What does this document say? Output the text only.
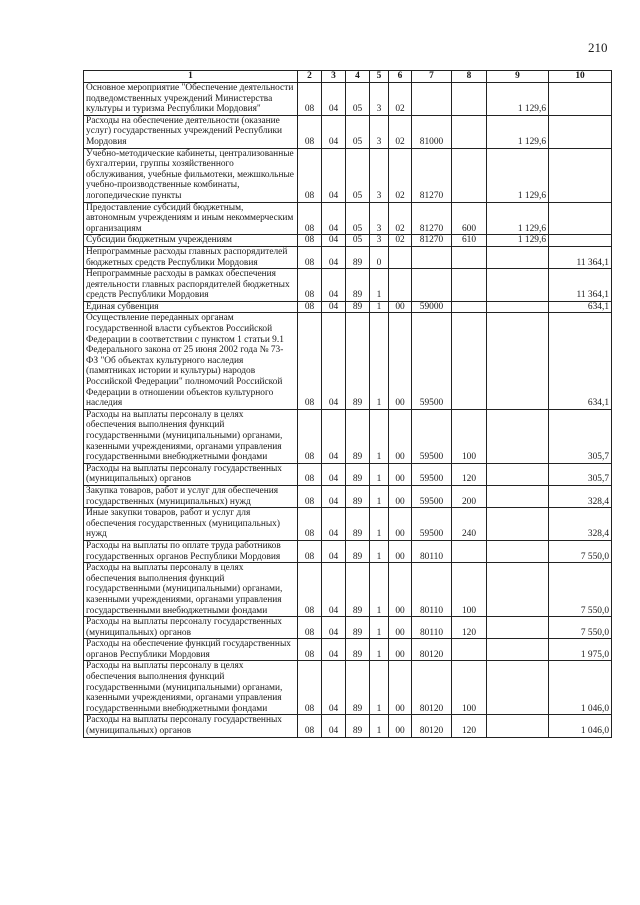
210
1	2	3	4	5	6	7	8	9	10
Основное мероприятие "Обеспечение деятельности подведомственных учреждений Министерства культуры и туризма Республики Мордовия"	08	04	05	3	02			1 129,6	
Расходы на обеспечение деятельности (оказание услуг) государственных учреждений Республики Мордовия	08	04	05	3	02	81000		1 129,6	
Учебно-методические кабинеты, централизованные бухгалтерии, группы хозяйственного обслуживания, учебные фильмотеки, межшкольные учебно-производственные комбинаты, логопедические пункты	08	04	05	3	02	81270		1 129,6	
Предоставление субсидий бюджетным, автономным учреждениям и иным некоммерческим организациям	08	04	05	3	02	81270	600	1 129,6	
Субсидии бюджетным учреждениям	08	04	05	3	02	81270	610	1 129,6	
Непрограммные расходы главных распорядителей бюджетных средств Республики Мордовия	08	04	89	0					11 364,1
Непрограммные расходы в рамках обеспечения деятельности главных распорядителей бюджетных средств Республики Мордовия	08	04	89	1					11 364,1
Единая субвенция	08	04	89	1	00	59000			634,1
Осуществление переданных органам государственной власти субъектов Российской Федерации в соответствии с пунктом 1 статьи 9.1 Федерального закона от 25 июня 2002 года № 73-ФЗ "Об объектах культурного наследия (памятниках истории и культуры) народов Российской Федерации" полномочий Российской Федерации в отношении объектов культурного наследия	08	04	89	1	00	59500			634,1
Расходы на выплаты персоналу в целях обеспечения выполнения функций государственными (муниципальными) органами, казенными учреждениями, органами управления государственными внебюджетными фондами	08	04	89	1	00	59500	100		305,7
Расходы на выплаты персоналу государственных (муниципальных) органов	08	04	89	1	00	59500	120		305,7
Закупка товаров, работ и услуг для обеспечения государственных (муниципальных) нужд	08	04	89	1	00	59500	200		328,4
Иные закупки товаров, работ и услуг для обеспечения государственных (муниципальных) нужд	08	04	89	1	00	59500	240		328,4
Расходы на выплаты по оплате труда работников государственных органов Республики Мордовия	08	04	89	1	00	80110			7 550,0
Расходы на выплаты персоналу в целях обеспечения выполнения функций государственными (муниципальными) органами, казенными учреждениями, органами управления государственными внебюджетными фондами	08	04	89	1	00	80110	100		7 550,0
Расходы на выплаты персоналу государственных (муниципальных) органов	08	04	89	1	00	80110	120		7 550,0
Расходы на обеспечение функций государственных органов Республики Мордовия	08	04	89	1	00	80120			1 975,0
Расходы на выплаты персоналу в целях обеспечения выполнения функций государственными (муниципальными) органами, казенными учреждениями, органами управления государственными внебюджетными фондами	08	04	89	1	00	80120	100		1 046,0
Расходы на выплаты персоналу государственных (муниципальных) органов	08	04	89	1	00	80120	120		1 046,0
